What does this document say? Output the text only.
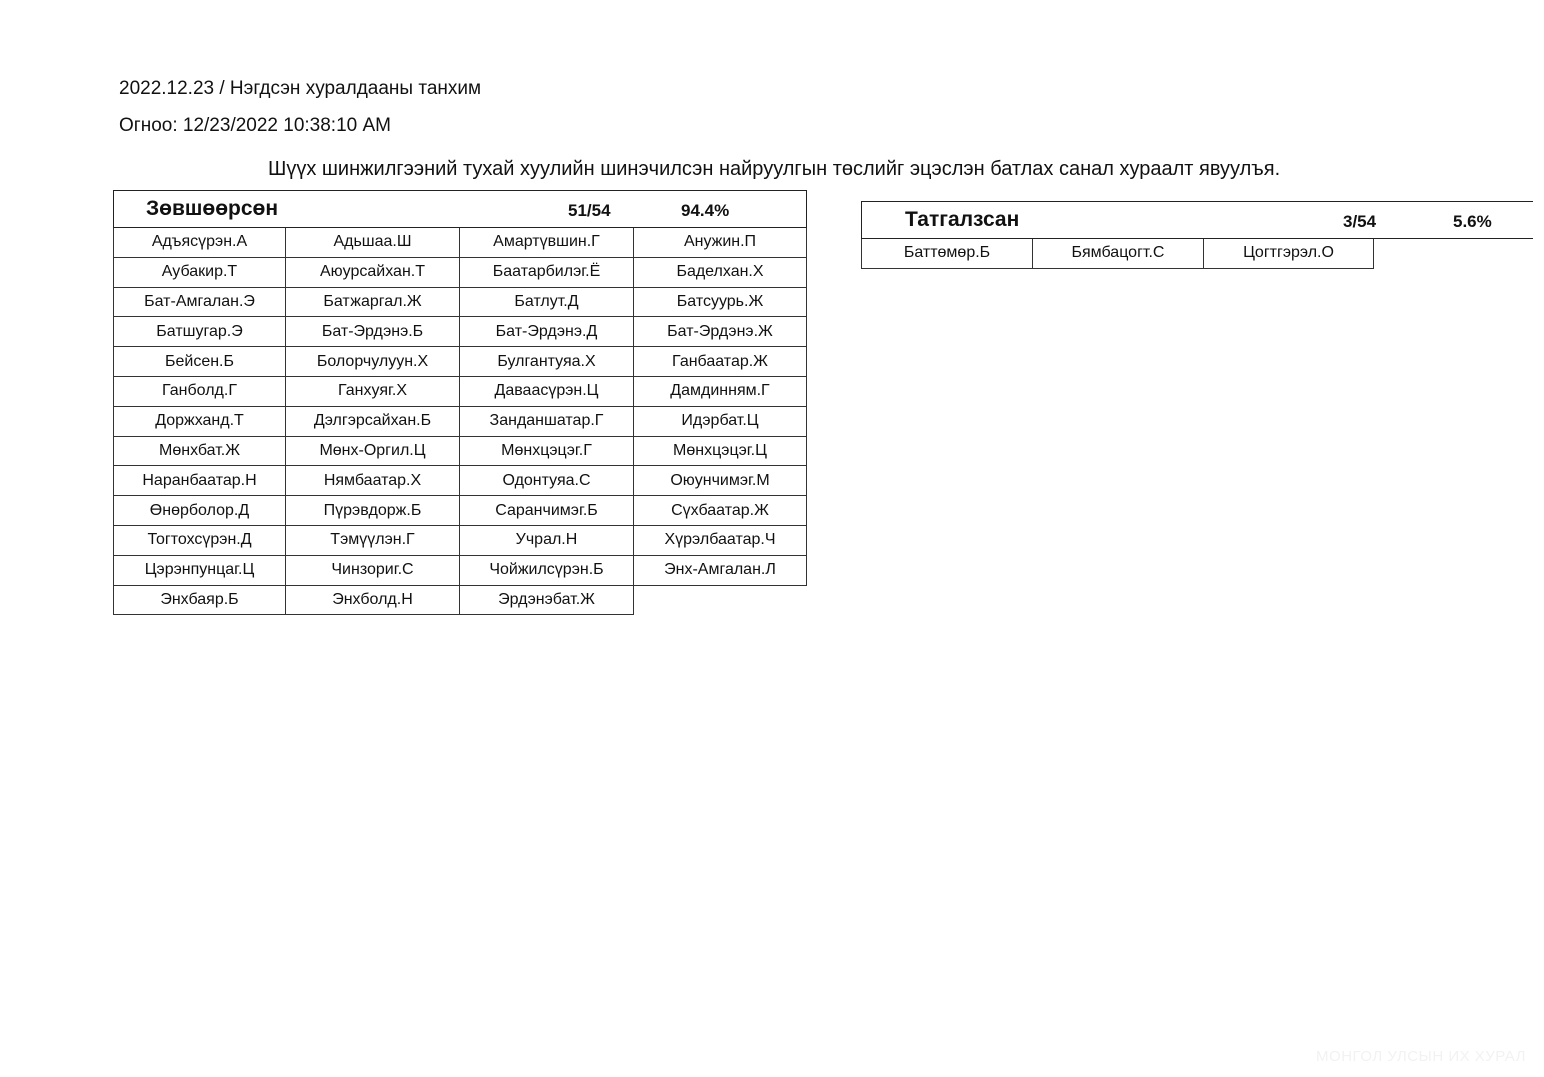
2022.12.23 / Нэгдсэн хуралдааны танхим
Огноо: 12/23/2022 10:38:10 AM
Шүүх шинжилгээний тухай хуулийн шинэчилсэн найруулгын төслийг эцэслэн батлах санал хураалт явуулъя.
Зөвшөөрсөн	51/54	94.4%
Адъясүрэн.А	Адьшаа.Ш	Амартүвшин.Г	Анужин.П
Аубакир.Т	Аюурсайхан.Т	Баатарбилэг.Ё	Баделхан.Х
Бат-Амгалан.Э	Батжаргал.Ж	Батлут.Д	Батсуурь.Ж
Батшугар.Э	Бат-Эрдэнэ.Б	Бат-Эрдэнэ.Д	Бат-Эрдэнэ.Ж
Бейсен.Б	Болорчулуун.Х	Булгантуяа.Х	Ганбаатар.Ж
Ганболд.Г	Ганхуяг.Х	Даваасүрэн.Ц	Дамдинням.Г
Доржханд.Т	Дэлгэрсайхан.Б	Занданшатар.Г	Идэрбат.Ц
Мөнхбат.Ж	Мөнх-Оргил.Ц	Мөнхцэцэг.Г	Мөнхцэцэг.Ц
Наранбаатар.Н	Нямбаатар.Х	Одонтуяа.С	Оюунчимэг.М
Өнөрболор.Д	Пүрэвдорж.Б	Саранчимэг.Б	Сүхбаатар.Ж
Тогтохсүрэн.Д	Тэмүүлэн.Г	Учрал.Н	Хүрэлбаатар.Ч
Цэрэнпунцаг.Ц	Чинзориг.С	Чойжилсүрэн.Б	Энх-Амгалан.Л
Энхбаяр.Б	Энхболд.Н	Эрдэнэбат.Ж
Татгалзсан	3/54	5.6%
Баттөмөр.Б	Бямбацогт.С	Цогтгэрэл.О
МОНГОЛ УЛСЫН ИХ ХУРАЛ
